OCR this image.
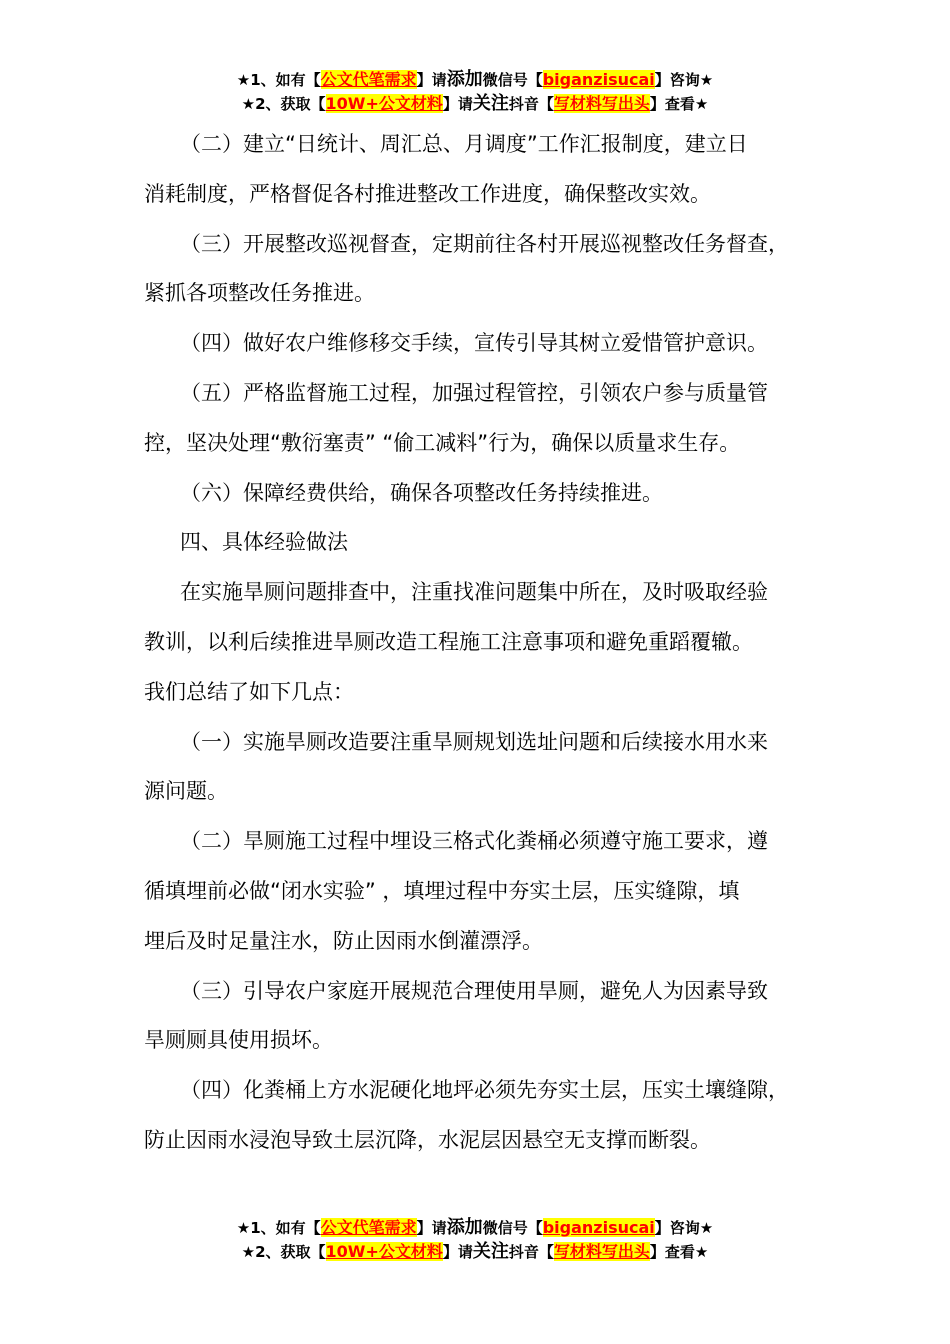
★1、如有【公文代笔需求】请添加微信号【biganzisucai】咨询★
★2、获取【10W+公文材料】请关注抖音【写材料写出头】查看★

（二）建立“日统计、周汇总、月调度”工作汇报制度，建立日

消耗制度，严格督促各村推进整改工作进度，确保整改实效。

（三）开展整改巡视督查，定期前往各村开展巡视整改任务督查，

紧抓各项整改任务推进。

（四）做好农户维修移交手续，宣传引导其树立爱惜管护意识。

（五）严格监督施工过程，加强过程管控，引领农户参与质量管

控，坚决处理“敷衍塞责” “偷工减料”行为，确保以质量求生存。

（六）保障经费供给，确保各项整改任务持续推进。

四、具体经验做法

在实施旱厕问题排查中，注重找准问题集中所在，及时吸取经验

教训，以利后续推进旱厕改造工程施工注意事项和避免重蹈覆辙。

我们总结了如下几点：

（一）实施旱厕改造要注重旱厕规划选址问题和后续接水用水来

源问题。

（二）旱厕施工过程中埋设三格式化粪桶必须遵守施工要求，遵

循填埋前必做“闭水实验” ，填埋过程中夯实土层，压实缝隙，填

埋后及时足量注水，防止因雨水倒灌漂浮。

（三）引导农户家庭开展规范合理使用旱厕，避免人为因素导致

旱厕厕具使用损坏。

（四）化粪桶上方水泥硬化地坪必须先夯实土层，压实土壤缝隙，

防止因雨水浸泡导致土层沉降，水泥层因悬空无支撑而断裂。

★1、如有【公文代笔需求】请添加微信号【biganzisucai】咨询★
★2、获取【10W+公文材料】请关注抖音【写材料写出头】查看★
